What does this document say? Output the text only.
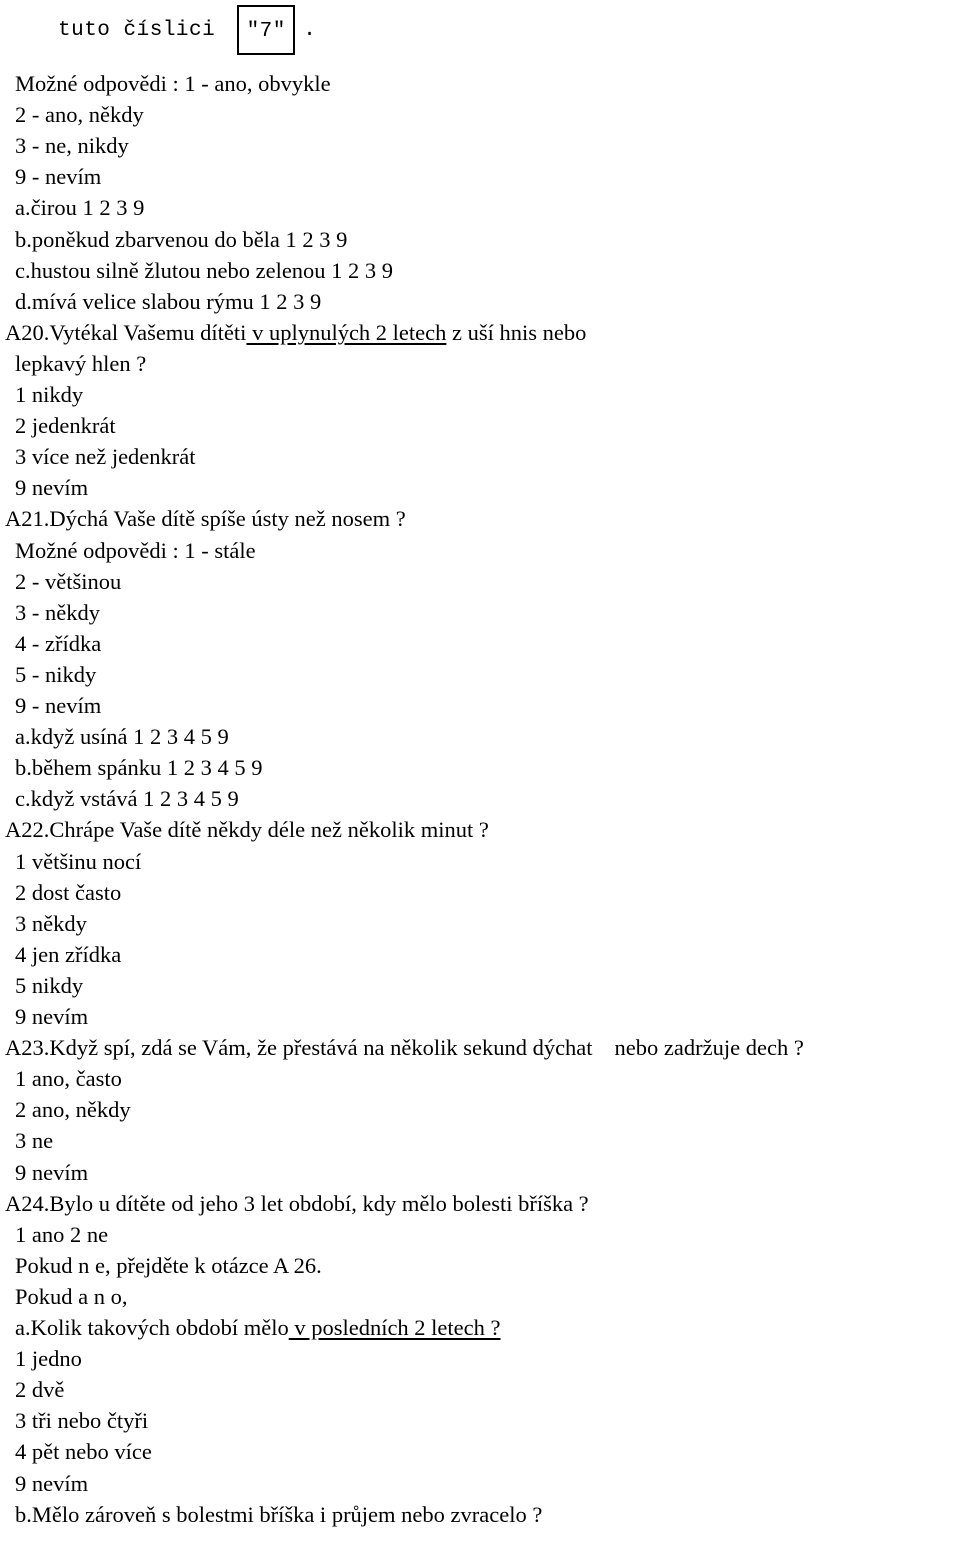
tuto číslici	"7" .
Možné odpovědi : 1 - ano, obvykle
2 - ano, někdy
3 - ne, nikdy
9 - nevím
a.čirou 1 2 3 9
b.poněkud zbarvenou do běla 1 2 3 9
c.hustou silně žlutou nebo zelenou 1 2 3 9
d.mívá velice slabou rýmu 1 2 3 9
A20.Vytékal Vašemu dítěti v uplynulých 2 letech z uší hnis nebo
lepkavý hlen ?
1 nikdy
2 jedenkrát
3 více než jedenkrát
9 nevím
A21.Dýchá Vaše dítě spíše ústy než nosem ?
Možné odpovědi : 1 - stále
2 - většinou
3 - někdy
4 - zřídka
5 - nikdy
9 - nevím
a.když usíná 1 2 3 4 5 9
b.během spánku 1 2 3 4 5 9
c.když vstává 1 2 3 4 5 9
A22.Chrápe Vaše dítě někdy déle než několik minut ?
1 většinu nocí
2 dost často
3 někdy
4 jen zřídka
5 nikdy
9 nevím
A23.Když spí, zdá se Vám, že přestává na několik sekund dýchat nebo zadržuje dech ?
1 ano, často
2 ano, někdy
3 ne
9 nevím
A24.Bylo u dítěte od jeho 3 let období, kdy mělo bolesti bříška ?
1 ano 2 ne
Pokud n e, přejděte k otázce A 26.
Pokud a n o,
a.Kolik takových období mělo v posledních 2 letech ?
1 jedno
2 dvě
3 tři nebo čtyři
4 pět nebo více
9 nevím
b.Mělo zároveň s bolestmi bříška i průjem nebo zvracelo ?
